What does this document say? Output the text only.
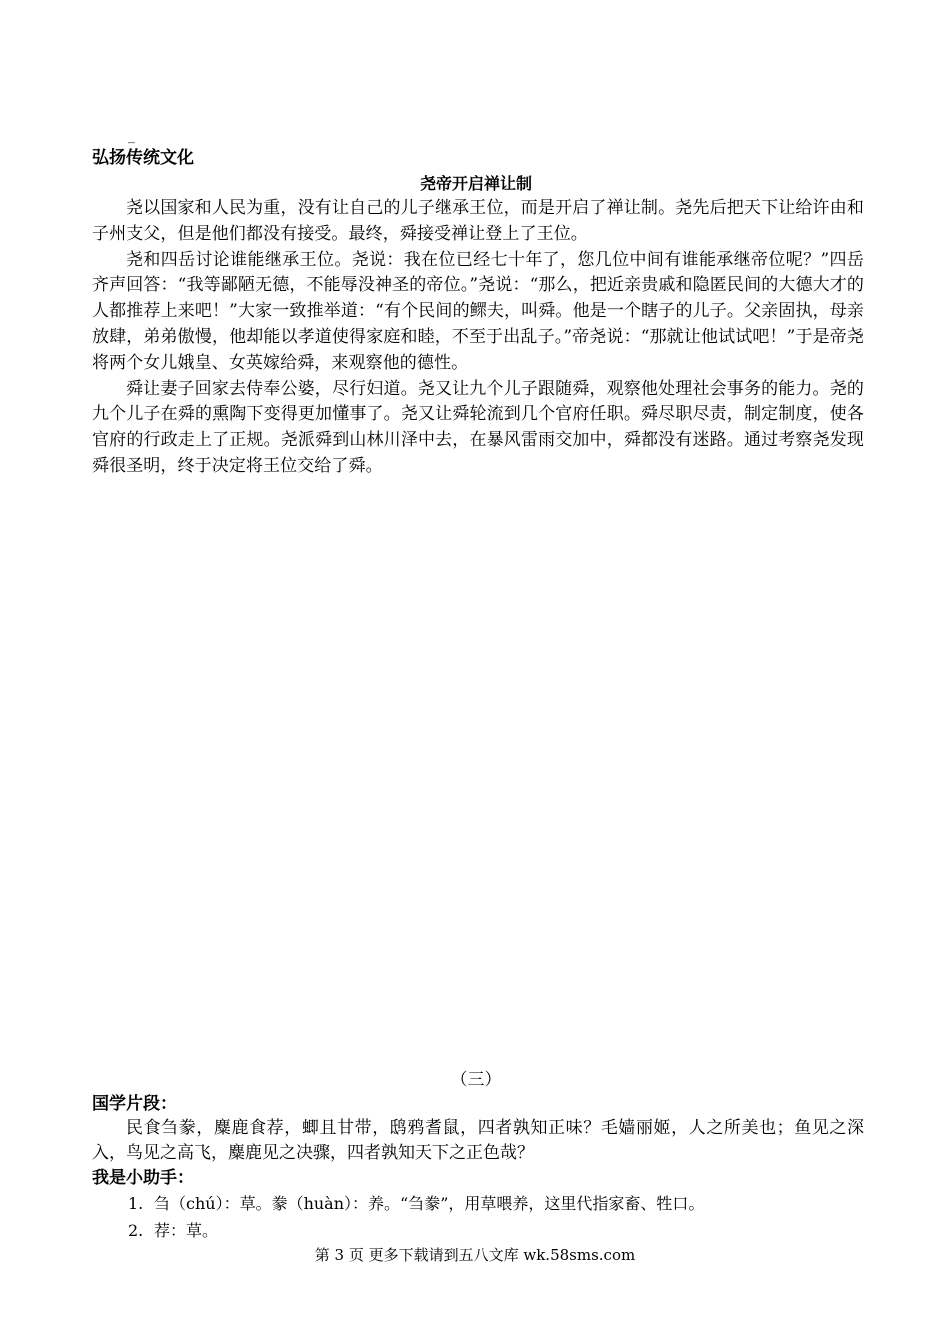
_
弘扬传统文化
尧帝开启禅让制

尧以国家和人民为重，没有让自己的儿子继承王位，而是开启了禅让制。尧先后把天下让给许由和子州支父，但是他们都没有接受。最终，舜接受禅让登上了王位。

尧和四岳讨论谁能继承王位。尧说：我在位已经七十年了，您几位中间有谁能承继帝位呢？”四岳齐声回答：“我等鄙陋无德，不能辱没神圣的帝位。”尧说：“那么，把近亲贵戚和隐匿民间的大德大才的人都推荐上来吧！”大家一致推举道：“有个民间的鳏夫，叫舜。他是一个瞎子的儿子。父亲固执，母亲放肆，弟弟傲慢，他却能以孝道使得家庭和睦，不至于出乱子。”帝尧说：“那就让他试试吧！”于是帝尧将两个女儿娥皇、女英嫁给舜，来观察他的德性。

舜让妻子回家去侍奉公婆，尽行妇道。尧又让九个儿子跟随舜，观察他处理社会事务的能力。尧的九个儿子在舜的熏陶下变得更加懂事了。尧又让舜轮流到几个官府任职。舜尽职尽责，制定制度，使各官府的行政走上了正规。尧派舜到山林川泽中去，在暴风雷雨交加中，舜都没有迷路。通过考察尧发现舜很圣明，终于决定将王位交给了舜。

（三）
国学片段：

民食刍豢，麋鹿食荐，蝍且甘带，鸱鸦耆鼠，四者孰知正味？毛嫱丽姬，人之所美也；鱼见之深入，鸟见之高飞，麋鹿见之决骤，四者孰知天下之正色哉？

我是小助手：
1. 刍（chú）：草。豢（huàn）：养。“刍豢”，用草喂养，这里代指家畜、牲口。
2. 荐：草。
第 3 页 更多下载请到五八文库 wk.58sms.com
